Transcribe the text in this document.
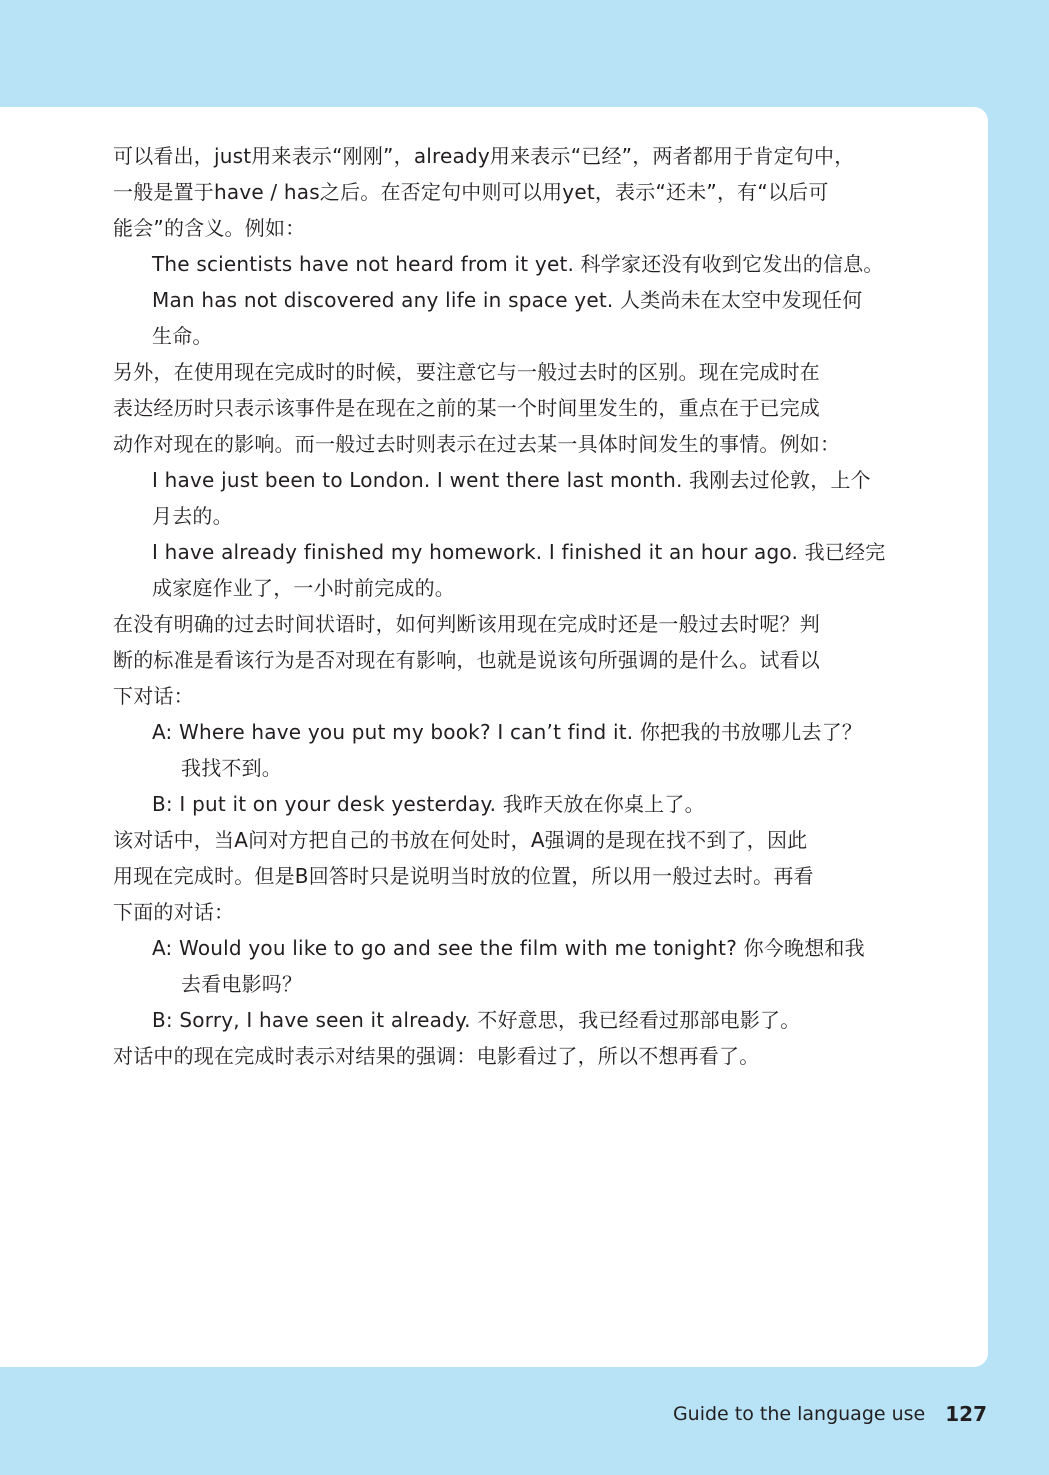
可以看出，just用来表示“刚刚”，already用来表示“已经”，两者都用于肯定句中，

一般是置于have / has之后。在否定句中则可以用yet，表示“还未”，有“以后可

能会”的含义。例如：

The scientists have not heard from it yet. 科学家还没有收到它发出的信息。

Man has not discovered any life in space yet. 人类尚未在太空中发现任何

生命。

另外，在使用现在完成时的时候，要注意它与一般过去时的区别。现在完成时在

表达经历时只表示该事件是在现在之前的某一个时间里发生的，重点在于已完成

动作对现在的影响。而一般过去时则表示在过去某一具体时间发生的事情。例如：

I have just been to London. I went there last month. 我刚去过伦敦，上个

月去的。

I have already finished my homework. I finished it an hour ago. 我已经完

成家庭作业了，一小时前完成的。

在没有明确的过去时间状语时，如何判断该用现在完成时还是一般过去时呢？判

断的标准是看该行为是否对现在有影响，也就是说该句所强调的是什么。试看以

下对话：

A: Where have you put my book? I can’t find it. 你把我的书放哪儿去了？

我找不到。

B: I put it on your desk yesterday. 我昨天放在你桌上了。

该对话中，当A问对方把自己的书放在何处时，A强调的是现在找不到了，因此

用现在完成时。但是B回答时只是说明当时放的位置，所以用一般过去时。再看

下面的对话：

A: Would you like to go and see the film with me tonight? 你今晚想和我

去看电影吗？

B: Sorry, I have seen it already. 不好意思，我已经看过那部电影了。

对话中的现在完成时表示对结果的强调：电影看过了，所以不想再看了。

Guide to the language use 127
